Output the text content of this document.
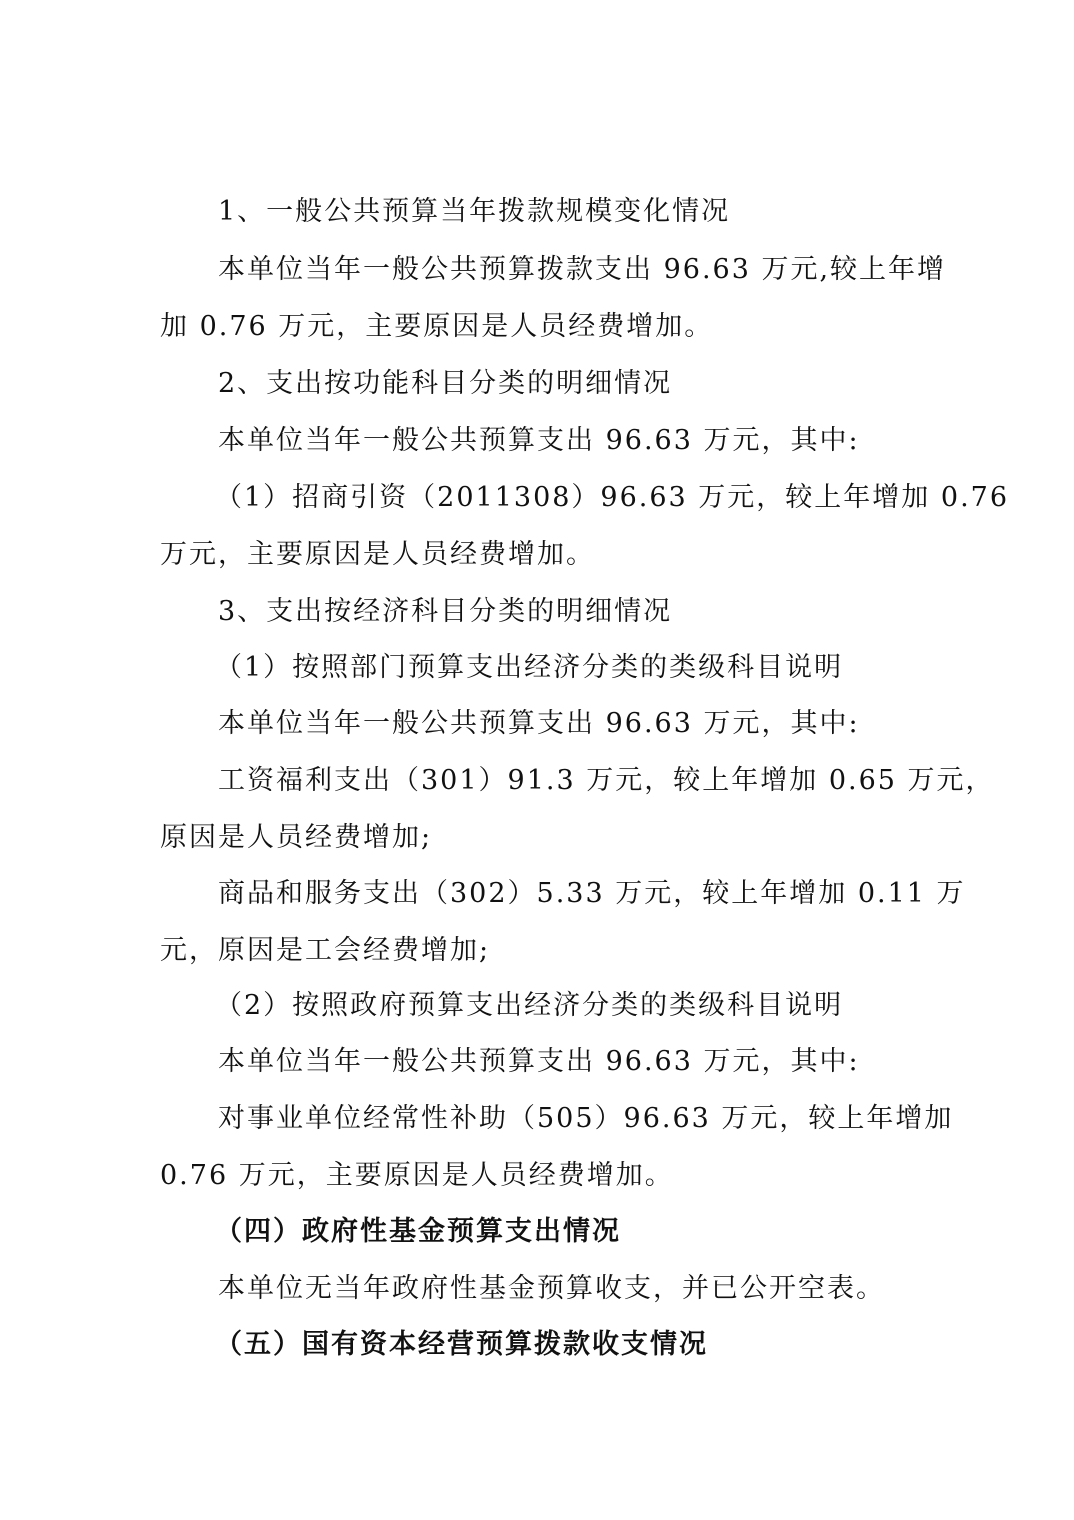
1、一般公共预算当年拨款规模变化情况
本单位当年一般公共预算拨款支出 96.63 万元,较上年增
加 0.76 万元，主要原因是人员经费增加。
2、支出按功能科目分类的明细情况
本单位当年一般公共预算支出 96.63 万元，其中:
（1）招商引资（2011308）96.63 万元，较上年增加 0.76
万元，主要原因是人员经费增加。
3、支出按经济科目分类的明细情况
（1）按照部门预算支出经济分类的类级科目说明
本单位当年一般公共预算支出 96.63 万元，其中:
工资福利支出（301）91.3 万元，较上年增加 0.65 万元，
原因是人员经费增加;
商品和服务支出（302）5.33 万元，较上年增加 0.11 万
元，原因是工会经费增加;
（2）按照政府预算支出经济分类的类级科目说明
本单位当年一般公共预算支出 96.63 万元，其中:
对事业单位经常性补助（505）96.63 万元，较上年增加
0.76 万元，主要原因是人员经费增加。
（四）政府性基金预算支出情况
本单位无当年政府性基金预算收支，并已公开空表。
（五）国有资本经营预算拨款收支情况
